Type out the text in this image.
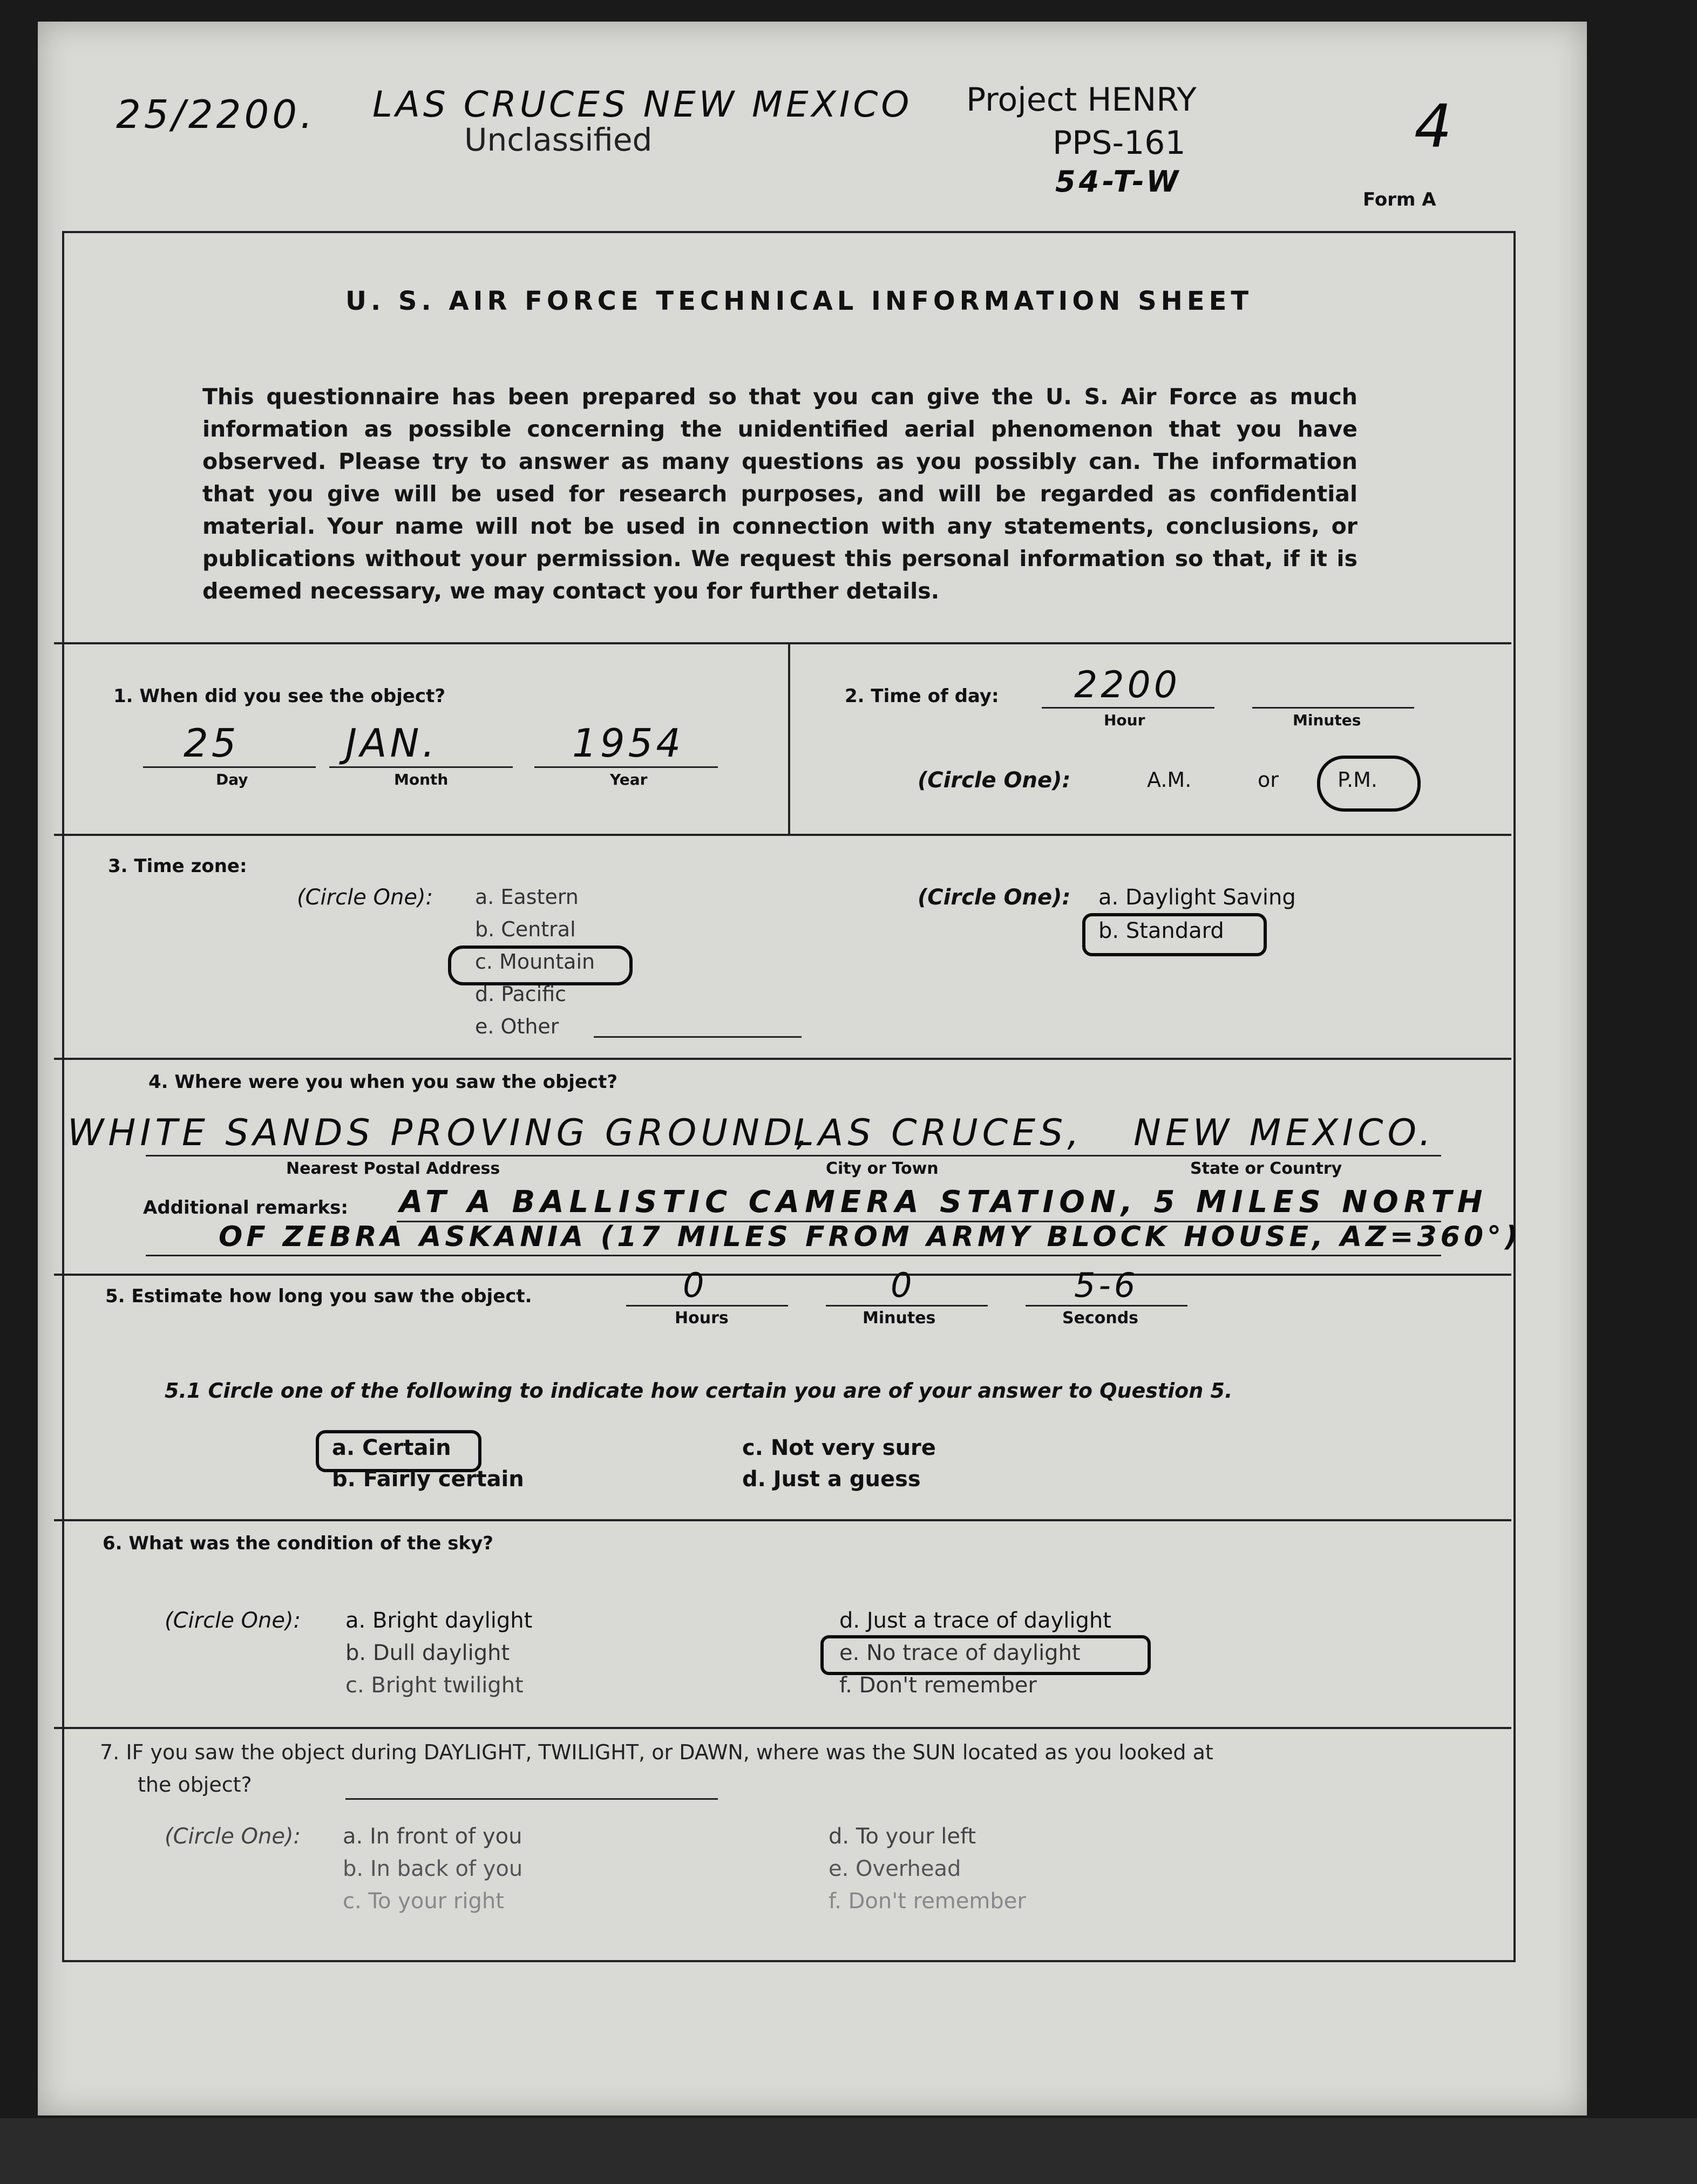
25/2200. LAS CRUCES NEW MEXICO
Unclassified
Project HENRY
PPS-161
54-T-W
4
Form A
U. S. AIR FORCE TECHNICAL INFORMATION SHEET
This questionnaire has been prepared so that you can give the U. S. Air Force as much information as possible concerning the unidentified aerial phenomenon that you have observed. Please try to answer as many questions as you possibly can. The information that you give will be used for research purposes, and will be regarded as confidential material. Your name will not be used in connection with any statements, conclusions, or publications without your permission. We request this personal information so that, if it is deemed necessary, we may contact you for further details.
1. When did you see the object?
25	JAN.	1954
Day	Month	Year
2. Time of day: 2200
Hour	Minutes
(Circle One):	A.M.	or	P.M.
3. Time zone:
(Circle One): a. Eastern
b. Central
c. Mountain
d. Pacific
e. Other
(Circle One): a. Daylight Saving
b. Standard
4. Where were you when you saw the object?
WHITE SANDS PROVING GROUND,
LAS CRUCES, NEW MEXICO.
Nearest Postal Address	City or Town	State or Country
Additional remarks: AT A BALLISTIC CAMERA STATION, 5 MILES NORTH
OF ZEBRA ASKANIA (17 MILES FROM ARMY BLOCK HOUSE, AZ=360°)
5. Estimate how long you saw the object.	0	0	5-6
Hours	Minutes	Seconds
5.1 Circle one of the following to indicate how certain you are of your answer to Question 5.
a. Certain
b. Fairly certain
c. Not very sure
d. Just a guess
6. What was the condition of the sky?
(Circle One): a. Bright daylight
b. Dull daylight
c. Bright twilight
d. Just a trace of daylight
e. No trace of daylight
f. Don't remember
7. IF you saw the object during DAYLIGHT, TWILIGHT, or DAWN, where was the SUN located as you looked at
the object?
(Circle One): a. In front of you
b. In back of you
c. To your right
d. To your left
e. Overhead
f. Don't remember
